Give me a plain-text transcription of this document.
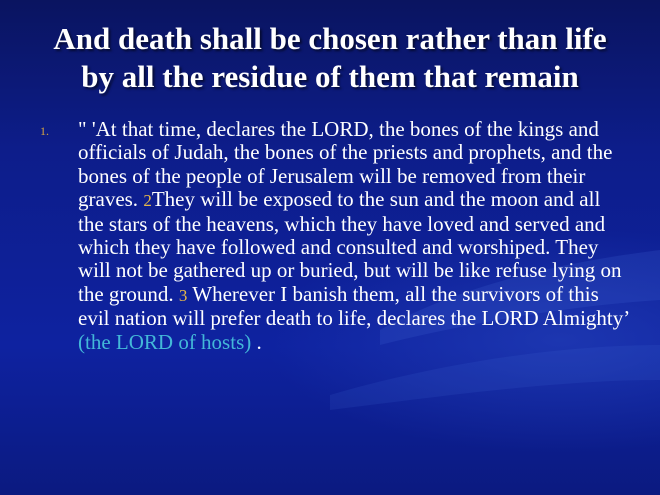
And death shall be chosen rather than life
by all the residue of them that remain
1. " 'At that time, declares the LORD, the bones of the kings and officials of Judah, the bones of the priests and prophets, and the bones of the people of Jerusalem will be removed from their graves. 2They will be exposed to the sun and the moon and all the stars of the heavens, which they have loved and served and which they have followed and consulted and worshiped. They will not be gathered up or buried, but will be like refuse lying on the ground. 3 Wherever I banish them, all the survivors of this evil nation will prefer death to life, declares the LORD Almighty’ (the LORD of hosts) .
